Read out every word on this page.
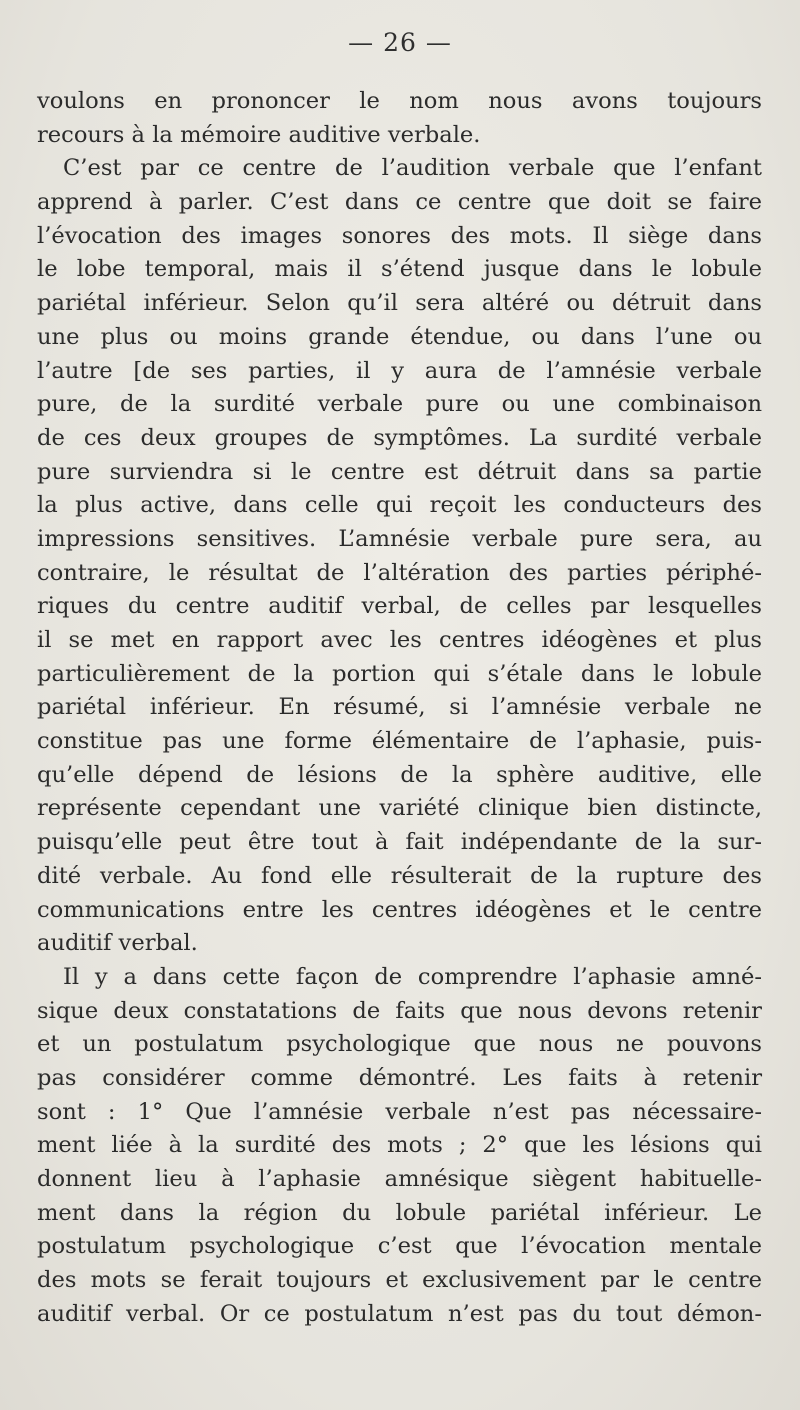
— 26 —
voulons en prononcer le nom nous avons toujours
recours à la mémoire auditive verbale.
C’est par ce centre de l’audition verbale que l’enfant
apprend à parler. C’est dans ce centre que doit se faire
l’évocation des images sonores des mots. Il siège dans
le lobe temporal, mais il s’étend jusque dans le lobule
pariétal inférieur. Selon qu’il sera altéré ou détruit dans
une plus ou moins grande étendue, ou dans l’une ou
l’autre [de ses parties, il y aura de l’amnésie verbale
pure, de la surdité verbale pure ou une combinaison
de ces deux groupes de symptômes. La surdité verbale
pure surviendra si le centre est détruit dans sa partie
la plus active, dans celle qui reçoit les conducteurs des
impressions sensitives. L’amnésie verbale pure sera, au
contraire, le résultat de l’altération des parties périphé-
riques du centre auditif verbal, de celles par lesquelles
il se met en rapport avec les centres idéogènes et plus
particulièrement de la portion qui s’étale dans le lobule
pariétal inférieur. En résumé, si l’amnésie verbale ne
constitue pas une forme élémentaire de l’aphasie, puis-
qu’elle dépend de lésions de la sphère auditive, elle
représente cependant une variété clinique bien distincte,
puisqu’elle peut être tout à fait indépendante de la sur-
dité verbale. Au fond elle résulterait de la rupture des
communications entre les centres idéogènes et le centre
auditif verbal.
Il y a dans cette façon de comprendre l’aphasie amné-
sique deux constatations de faits que nous devons retenir
et un postulatum psychologique que nous ne pouvons
pas considérer comme démontré. Les faits à retenir
sont : 1° Que l’amnésie verbale n’est pas nécessaire-
ment liée à la surdité des mots ; 2° que les lésions qui
donnent lieu à l’aphasie amnésique siègent habituelle-
ment dans la région du lobule pariétal inférieur. Le
postulatum psychologique c’est que l’évocation mentale
des mots se ferait toujours et exclusivement par le centre
auditif verbal. Or ce postulatum n’est pas du tout démon-
